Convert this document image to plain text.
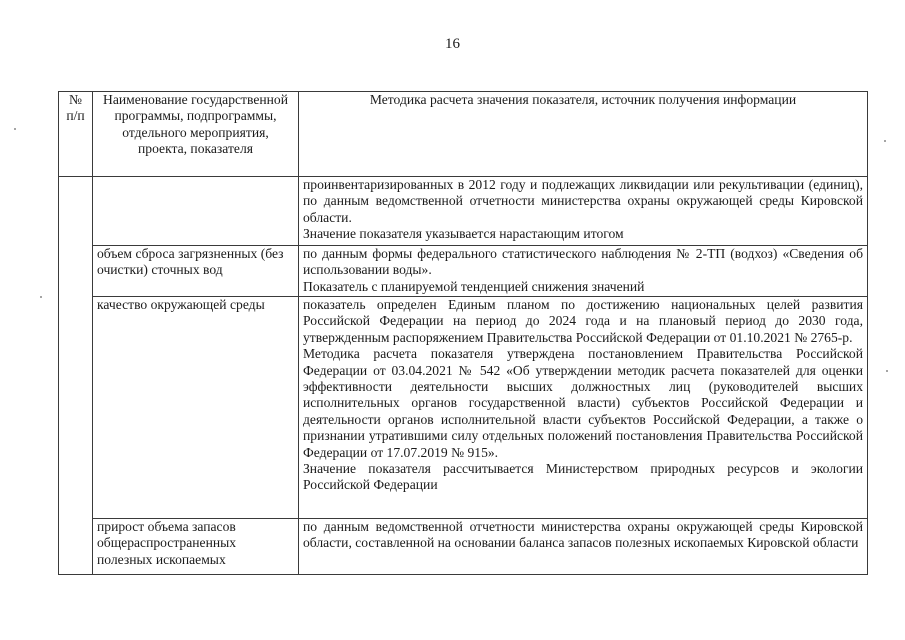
16
№ п/п	Наименование государственной программы, подпрограммы, отдельного мероприятия, проекта, показателя	Методика расчета значения показателя, источник получения информации

		проинвентаризированных в 2012 году и подлежащих ликвидации или рекультивации (единиц), по данным ведомственной отчетности министерства охраны окружающей среды Кировской области.
Значение показателя указывается нарастающим итогом

	объем сброса загрязненных (без очистки) сточных вод	по данным формы федерального статистического наблюдения № 2-ТП (водхоз) «Сведения об использовании воды».
Показатель с планируемой тенденцией снижения значений

	качество окружающей среды	показатель определен Единым планом по достижению национальных целей развития Российской Федерации на период до 2024 года и на плановый период до 2030 года, утвержденным распоряжением Правительства Российской Федерации от 01.10.2021 № 2765-р.
Методика расчета показателя утверждена постановлением Правительства Российской Федерации от 03.04.2021 № 542 «Об утверждении методик расчета показателей для оценки эффективности деятельности высших должностных лиц (руководителей высших исполнительных органов государственной власти) субъектов Российской Федерации и деятельности органов исполнительной власти субъектов Российской Федерации, а также о признании утратившими силу отдельных положений постановления Правительства Российской Федерации от 17.07.2019 № 915».
Значение показателя рассчитывается Министерством природных ресурсов и экологии Российской Федерации

	прирост объема запасов общераспространенных полезных ископаемых	по данным ведомственной отчетности министерства охраны окружающей среды Кировской области, составленной на основании баланса запасов полезных ископаемых Кировской области
